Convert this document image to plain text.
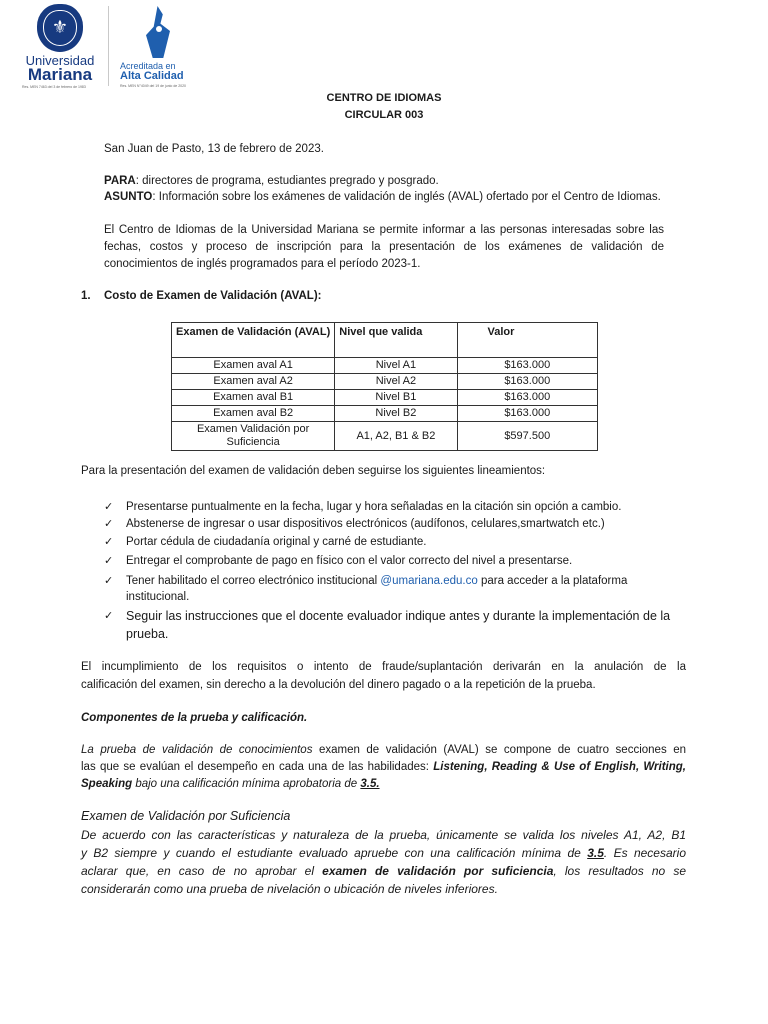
⚜
Universidad
Mariana
Res. MEN 7463 del 3 de febrero de 1983
Acreditada en
Alta Calidad
Res. MEN N°4049 del 19 de junio de 2020
CENTRO DE IDIOMAS
CIRCULAR 003
San Juan de Pasto, 13 de febrero de 2023.
PARA: directores de programa, estudiantes pregrado y posgrado.
ASUNTO: Información sobre los exámenes de validación de inglés (AVAL) ofertado por el Centro de Idiomas.
El Centro de Idiomas de la Universidad Mariana se permite informar a las personas interesadas sobre las
fechas, costos y proceso de inscripción para la presentación de los exámenes de validación de
conocimientos de inglés programados para el período 2023-1.
1. Costo de Examen de Validación (AVAL):
Examen de Validación (AVAL)	Nivel que valida	Valor
Examen aval A1	Nivel A1	$163.000
Examen aval A2	Nivel A2	$163.000
Examen aval B1	Nivel B1	$163.000
Examen aval B2	Nivel B2	$163.000
Examen Validación por
Suficiencia	A1, A2, B1 & B2	$597.500
Para la presentación del examen de validación deben seguirse los siguientes lineamientos:
✓ Presentarse puntualmente en la fecha, lugar y hora señaladas en la citación sin opción a cambio.
✓ Abstenerse de ingresar o usar dispositivos electrónicos (audífonos, celulares,smartwatch etc.)
✓ Portar cédula de ciudadanía original y carné de estudiante.
✓ Entregar el comprobante de pago en físico con el valor correcto del nivel a presentarse.
✓ Tener habilitado el correo electrónico institucional @umariana.edu.co para acceder a la plataforma
institucional.
✓ Seguir las instrucciones que el docente evaluador indique antes y durante la implementación de la
prueba.
El incumplimiento de los requisitos o intento de fraude/suplantación derivarán en la anulación de la
calificación del examen, sin derecho a la devolución del dinero pagado o a la repetición de la prueba.
Componentes de la prueba y calificación.
La prueba de validación de conocimientos examen de validación (AVAL) se compone de cuatro secciones en
las que se evalúan el desempeño en cada una de las habilidades: Listening, Reading & Use of English, Writing,
Speaking bajo una calificación mínima aprobatoria de 3.5.
Examen de Validación por Suficiencia
De acuerdo con las características y naturaleza de la prueba, únicamente se valida los niveles A1, A2, B1
y B2 siempre y cuando el estudiante evaluado apruebe con una calificación mínima de 3.5. Es necesario
aclarar que, en caso de no aprobar el examen de validación por suficiencia, los resultados no se
considerarán como una prueba de nivelación o ubicación de niveles inferiores.
